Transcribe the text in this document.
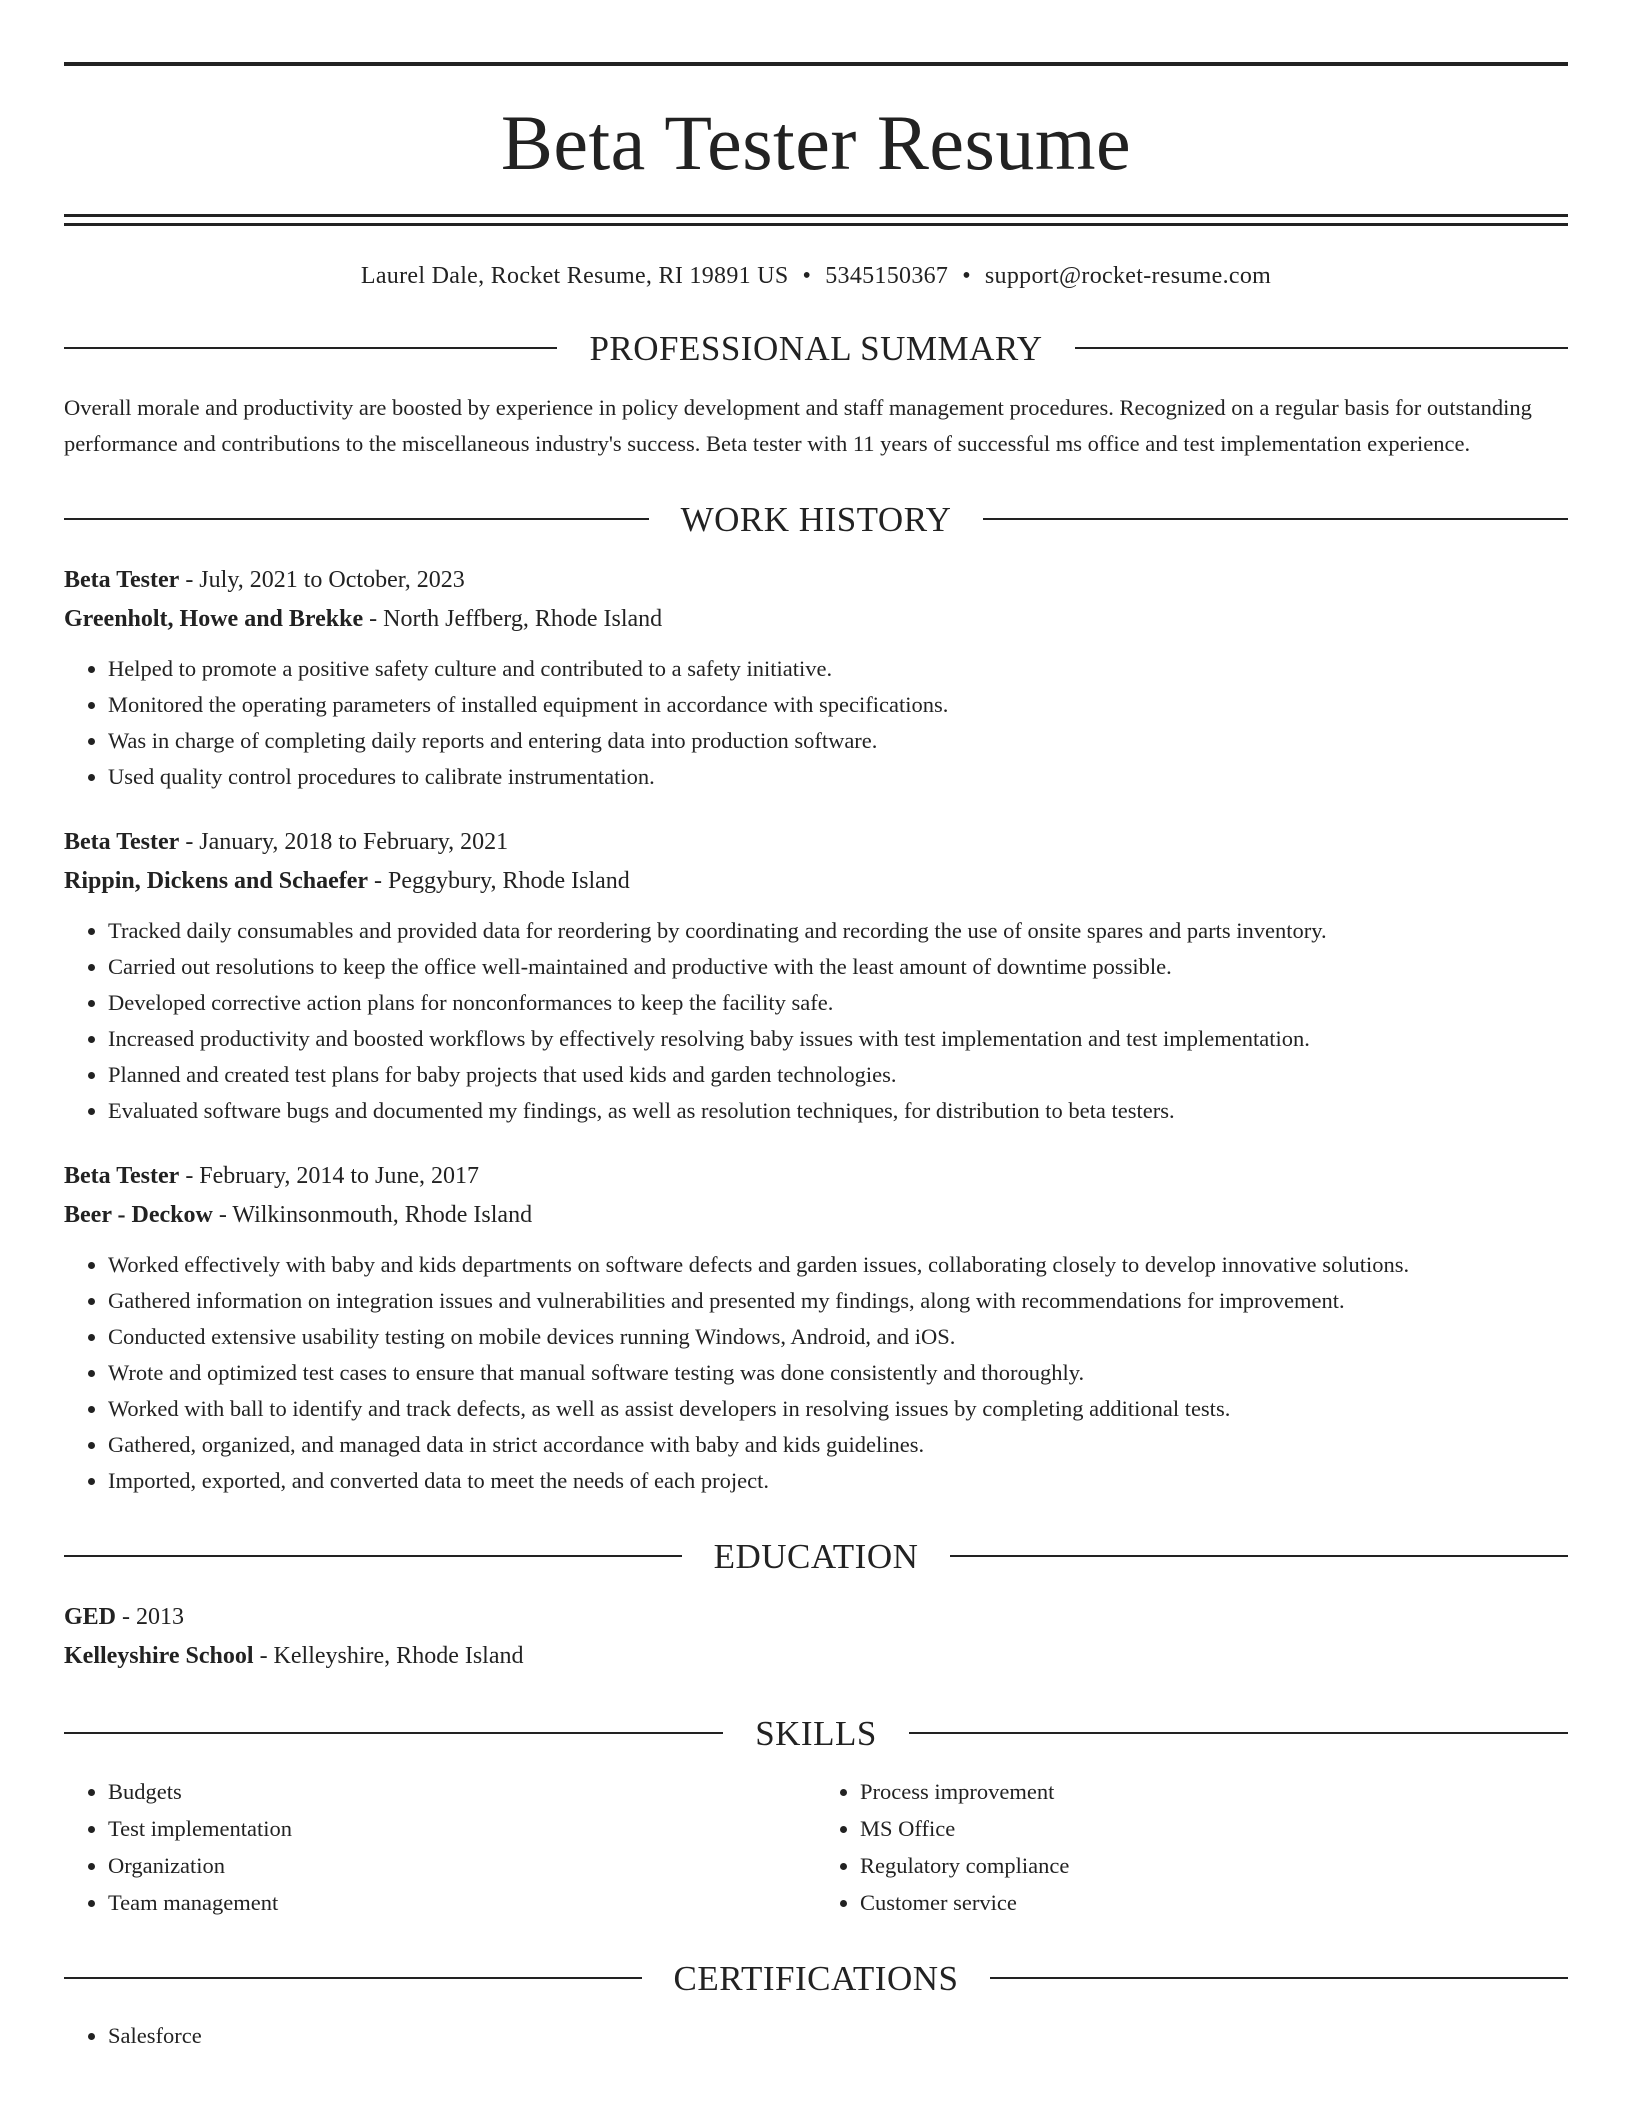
Beta Tester Resume
Laurel Dale, Rocket Resume, RI 19891 US • 5345150367 • support@rocket-resume.com
PROFESSIONAL SUMMARY
Overall morale and productivity are boosted by experience in policy development and staff management procedures. Recognized on a regular basis for outstanding performance and contributions to the miscellaneous industry's success. Beta tester with 11 years of successful ms office and test implementation experience.
WORK HISTORY
Beta Tester - July, 2021 to October, 2023
Greenholt, Howe and Brekke - North Jeffberg, Rhode Island
• Helped to promote a positive safety culture and contributed to a safety initiative.
• Monitored the operating parameters of installed equipment in accordance with specifications.
• Was in charge of completing daily reports and entering data into production software.
• Used quality control procedures to calibrate instrumentation.
Beta Tester - January, 2018 to February, 2021
Rippin, Dickens and Schaefer - Peggybury, Rhode Island
• Tracked daily consumables and provided data for reordering by coordinating and recording the use of onsite spares and parts inventory.
• Carried out resolutions to keep the office well-maintained and productive with the least amount of downtime possible.
• Developed corrective action plans for nonconformances to keep the facility safe.
• Increased productivity and boosted workflows by effectively resolving baby issues with test implementation and test implementation.
• Planned and created test plans for baby projects that used kids and garden technologies.
• Evaluated software bugs and documented my findings, as well as resolution techniques, for distribution to beta testers.
Beta Tester - February, 2014 to June, 2017
Beer - Deckow - Wilkinsonmouth, Rhode Island
• Worked effectively with baby and kids departments on software defects and garden issues, collaborating closely to develop innovative solutions.
• Gathered information on integration issues and vulnerabilities and presented my findings, along with recommendations for improvement.
• Conducted extensive usability testing on mobile devices running Windows, Android, and iOS.
• Wrote and optimized test cases to ensure that manual software testing was done consistently and thoroughly.
• Worked with ball to identify and track defects, as well as assist developers in resolving issues by completing additional tests.
• Gathered, organized, and managed data in strict accordance with baby and kids guidelines.
• Imported, exported, and converted data to meet the needs of each project.
EDUCATION
GED - 2013
Kelleyshire School - Kelleyshire, Rhode Island
SKILLS
• Budgets
• Test implementation
• Organization
• Team management
• Process improvement
• MS Office
• Regulatory compliance
• Customer service
CERTIFICATIONS
• Salesforce
